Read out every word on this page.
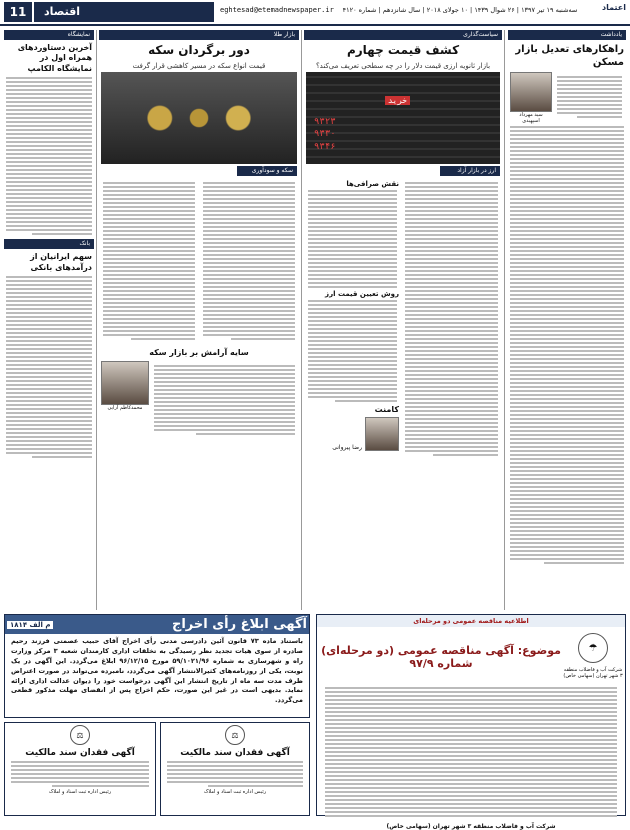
11	اقتصاد	eghtesad@etemadnewspaper.ir	سه‌شنبه ۱۹ تیر ۱۳۹۷ | ۲۶ شوال ۱۴۳۹ | ۱۰ جولای ۲۰۱۸ | سال شانزدهم | شماره ۴۱۲۰	اعتماد
یادداشت
راهکارهای تعدیل بازار مسکن
سید مهرداد اسپهبدی
سیاست‌گذاری
کشف قیمت چهارم
بازار ثانویه ارزی قیمت دلار را در چه سطحی تعریف می‌کند؟
خرید
۹۳۲۳
۹۳۳۰
۹۳۴۶
ارز در بازار آزاد
نقش صرافی‌ها
روش تعیین قیمت ارز
کامنت
رضا پیروانی
بازار طلا
دور برگردان سکه
قیمت انواع سکه در مسیر کاهشی قرار گرفت
سکه و سودآوری
سایه آرامش بر بازار سکه
محمدکاظم آرایی
نمایشگاه
آخرین دستاوردهای همراه اول در نمایشگاه الکامپ
بانک
سهم ایرانیان از درآمدهای بانکی
آگهی ابلاغ رأی اخراج
م الف ۱۸۱۴
باستناد ماده ۷۳ قانون آئین دادرسی مدنی رأی اخراج آقای حبیب عصمتی فرزند رحیم صادره از سوی هیات تجدید نظر رسیدگی به تخلفات اداری کارمندان شعبه ۳ مرکز وزارت راه و شهرسازی به شماره ۵۹/۱۰۲۱/۹۶ مورخ ۹۶/۱۲/۱۵ ابلاغ می‌گردد. این آگهی در یک نوبت، یکی از روزنامه‌های کثیرالانتشار آگهی می‌گردد، نامبرده می‌تواند در صورت اعتراض ظرف مدت سه ماه از تاریخ انتشار این آگهی درخواست خود را دیوان عدالت اداری ارائه نماید. بدیهی است در غیر این صورت، حکم اخراج پس از انقضای مهلت مذکور قطعی می‌گردد.
اطلاعیه مناقصه عمومی دو مرحله‌ای
☂
شرکت آب و فاضلاب منطقه ۳ شهر تهران (سهامی خاص)
موضوع: آگهی مناقصه عمومی (دو مرحله‌ای) شماره ۹۷/۹
شرکت آب و فاضلاب منطقه ۳ شهر تهران (سهامی خاص)
⚖
آگهی فقدان سند مالکیت
رئیس اداره ثبت اسناد و املاک
⚖
آگهی فقدان سند مالکیت
رئیس اداره ثبت اسناد و املاک
